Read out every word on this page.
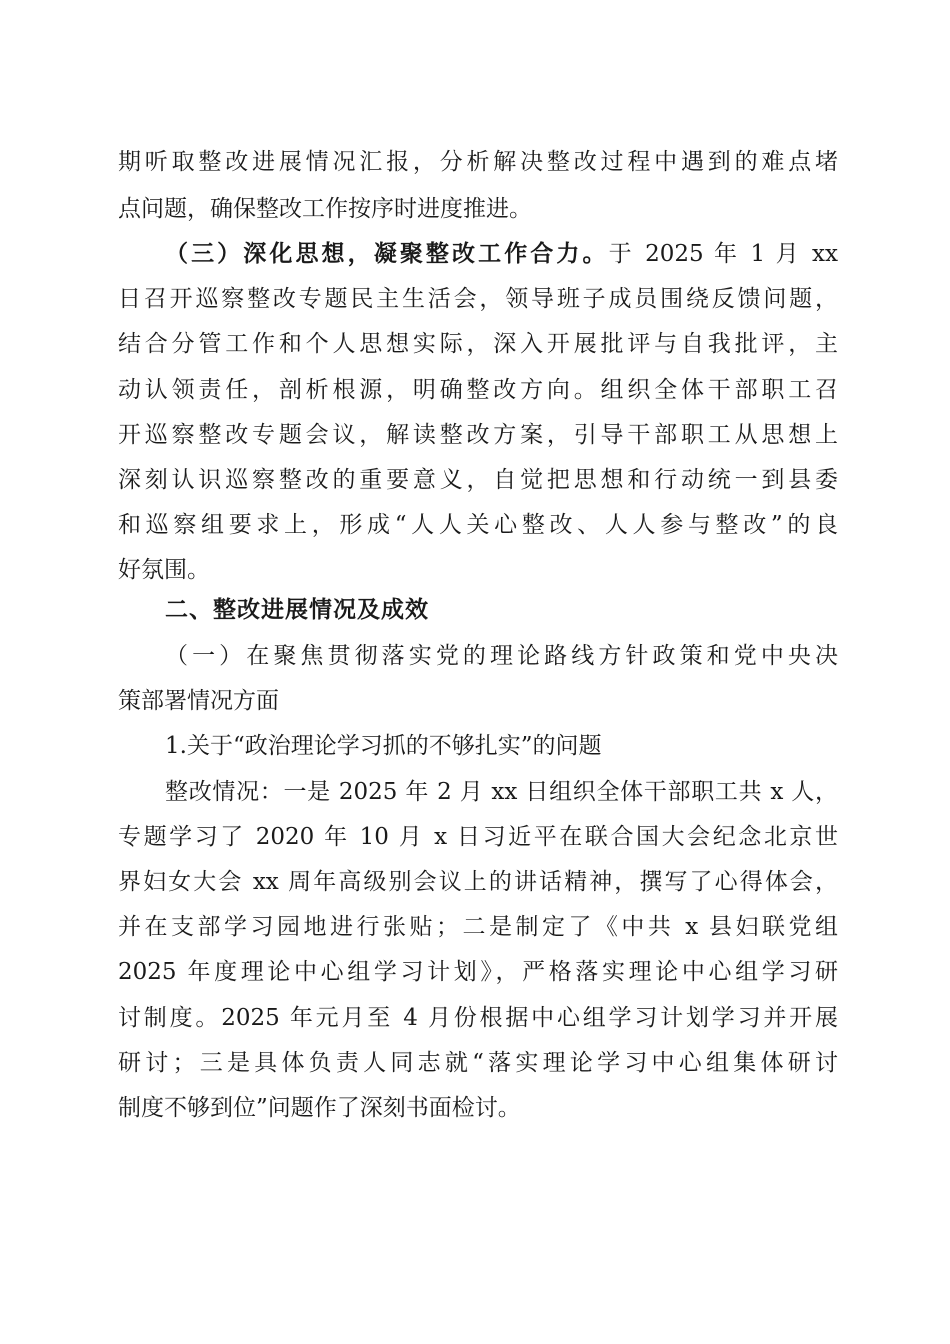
期听取整改进展情况汇报，分析解决整改过程中遇到的难点堵
点问题，确保整改工作按序时进度推进。
（三）深化思想，凝聚整改工作合力。于 2025 年 1 月 xx
日召开巡察整改专题民主生活会，领导班子成员围绕反馈问题，
结合分管工作和个人思想实际，深入开展批评与自我批评，主
动认领责任，剖析根源，明确整改方向。组织全体干部职工召
开巡察整改专题会议，解读整改方案，引导干部职工从思想上
深刻认识巡察整改的重要意义，自觉把思想和行动统一到县委
和巡察组要求上，形成“人人关心整改、人人参与整改”的良
好氛围。
二、整改进展情况及成效
（一）在聚焦贯彻落实党的理论路线方针政策和党中央决
策部署情况方面
1.关于“政治理论学习抓的不够扎实”的问题
整改情况：一是 2025 年 2 月 xx 日组织全体干部职工共 x 人，
专题学习了 2020 年 10 月 x 日习近平在联合国大会纪念北京世
界妇女大会 xx 周年高级别会议上的讲话精神，撰写了心得体会，
并在支部学习园地进行张贴；二是制定了《中共 x 县妇联党组
2025 年度理论中心组学习计划》，严格落实理论中心组学习研
讨制度。2025 年元月至 4 月份根据中心组学习计划学习并开展
研讨；三是具体负责人同志就“落实理论学习中心组集体研讨
制度不够到位”问题作了深刻书面检讨。
